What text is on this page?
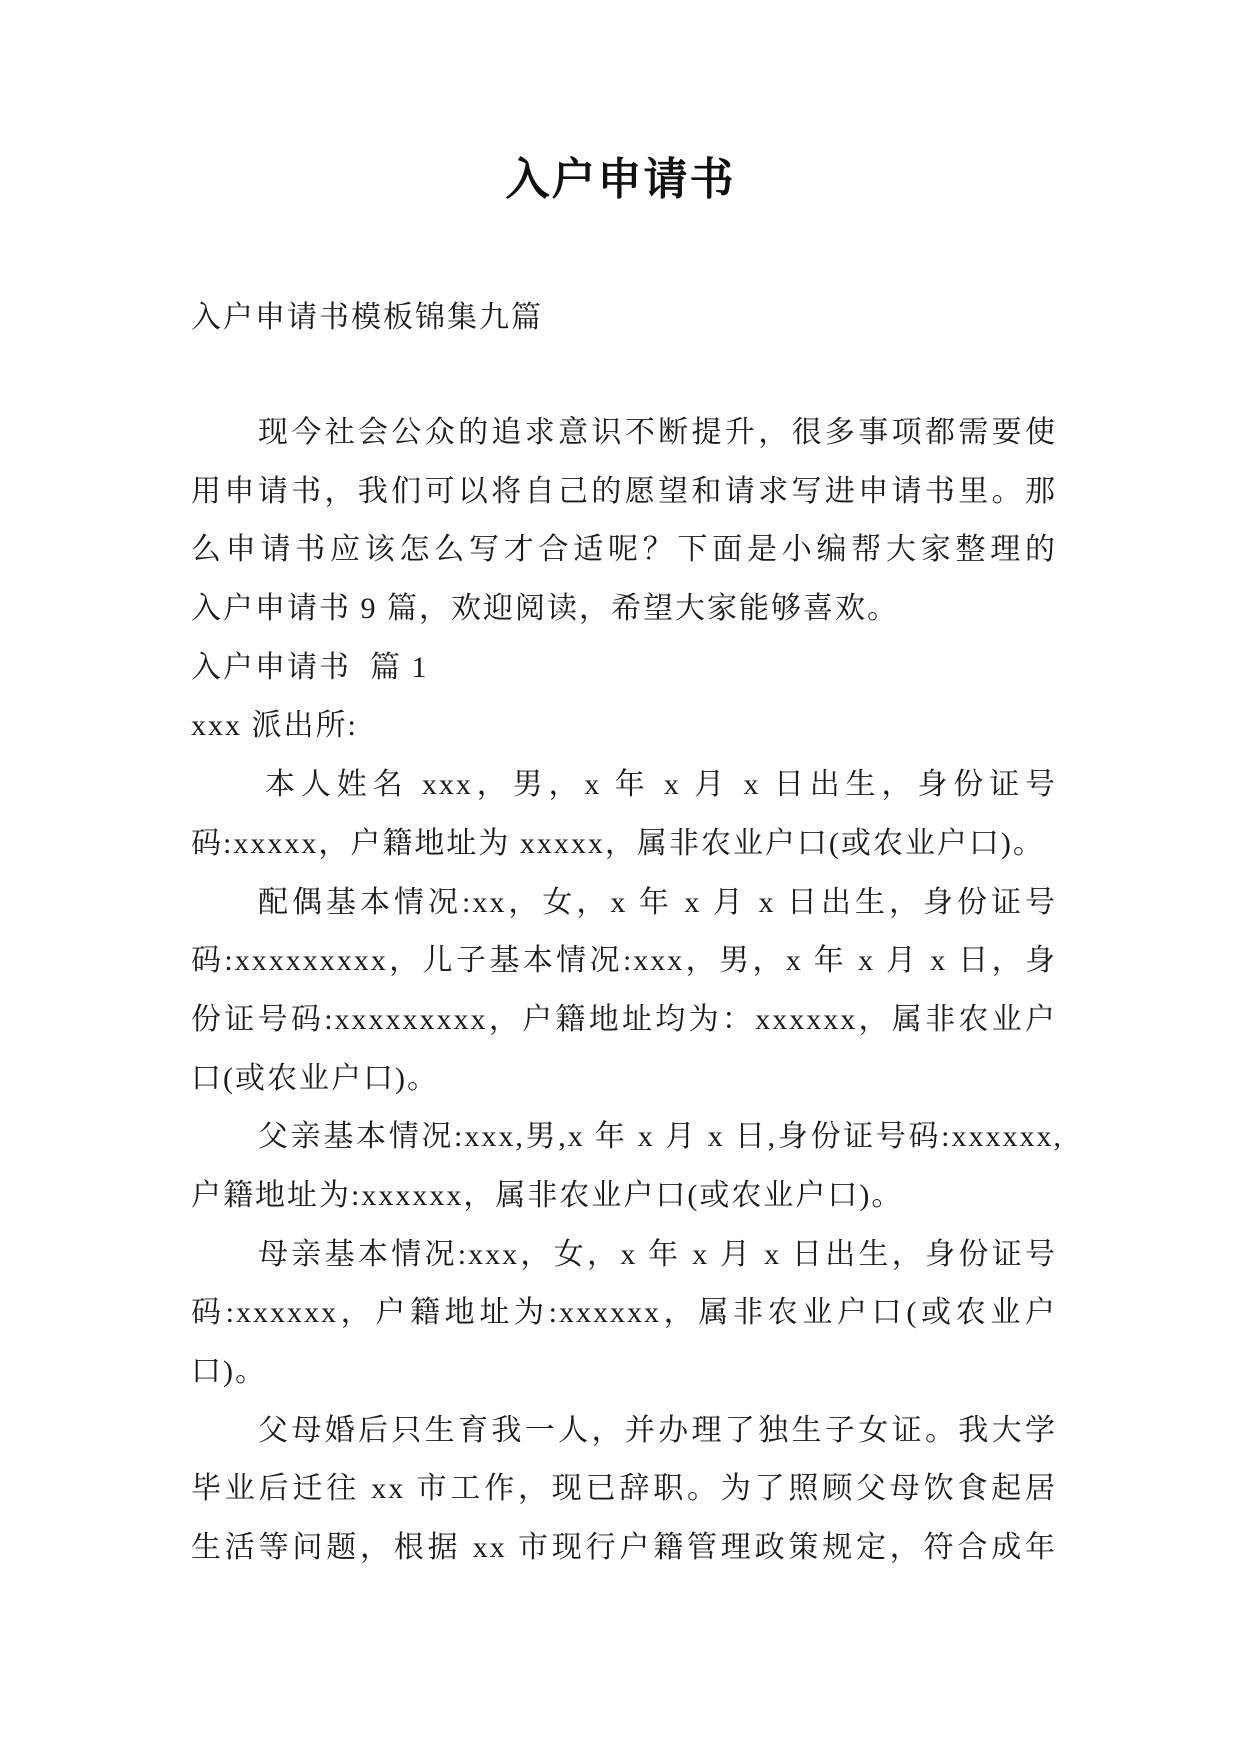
入户申请书
入户申请书模板锦集九篇
现今社会公众的追求意识不断提升，很多事项都需要使
用申请书，我们可以将自己的愿望和请求写进申请书里。那
么申请书应该怎么写才合适呢？下面是小编帮大家整理的
入户申请书 9 篇，欢迎阅读，希望大家能够喜欢。
入户申请书  篇 1
xxx 派出所:
本人姓名 xxx，男，x 年 x 月 x 日出生，身份证号
码:xxxxx，户籍地址为 xxxxx，属非农业户口(或农业户口)。
配偶基本情况:xx，女，x 年 x 月 x 日出生，身份证号
码:xxxxxxxxx，儿子基本情况:xxx，男，x 年 x 月 x 日，身
份证号码:xxxxxxxxx，户籍地址均为：xxxxxx，属非农业户
口(或农业户口)。
父亲基本情况:xxx,男,x 年 x 月 x 日,身份证号码:xxxxxx,
户籍地址为:xxxxxx，属非农业户口(或农业户口)。
母亲基本情况:xxx，女，x 年 x 月 x 日出生，身份证号
码:xxxxxx，户籍地址为:xxxxxx，属非农业户口(或农业户
口)。
父母婚后只生育我一人，并办理了独生子女证。我大学
毕业后迁往 xx 市工作，现已辞职。为了照顾父母饮食起居
生活等问题，根据 xx 市现行户籍管理政策规定，符合成年
